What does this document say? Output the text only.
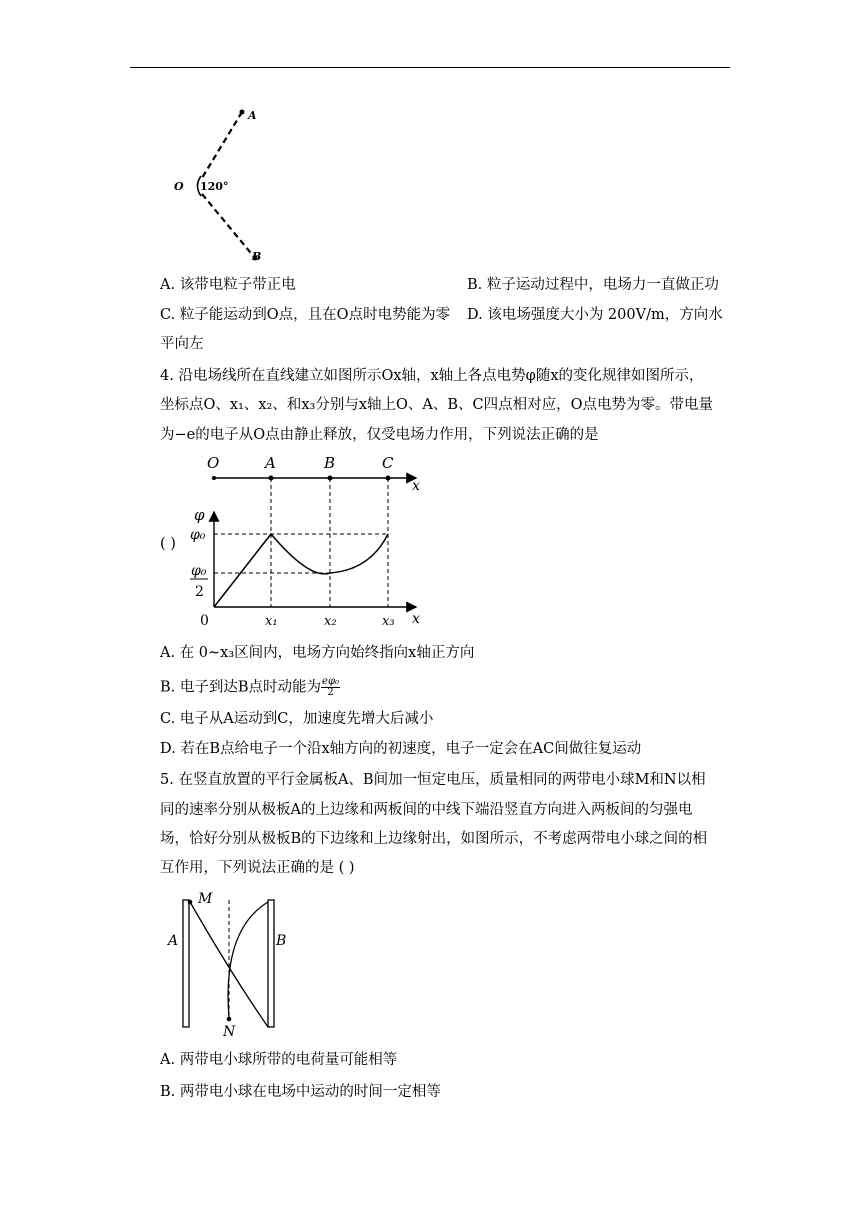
A
O 120°
B
A. 该带电粒子带正电	B. 粒子运动过程中，电场力一直做正功
C. 粒子能运动到O点，且在O点时电势能为零 D. 该电场强度大小为 200V/m，方向水
平向左
4. 沿电场线所在直线建立如图所示Ox轴，x轴上各点电势φ随x的变化规律如图所示，
坐标点O、x₁、x₂、和x₃分别与x轴上O、A、B、C四点相对应，O点电势为零。带电量
为−e的电子从O点由静止释放，仅受电场力作用，下列说法正确的是
( )
O	A	B	C
x
φ
x
φ₀
φ₀
2
0	x₁	x₂	x₃
A. 在 0~x₃区间内，电场方向始终指向x轴正方向
B. 电子到达B点时动能为 $\frac{\text{eφ₀}}{2}$
C. 电子从A运动到C，加速度先增大后减小
D. 若在B点给电子一个沿x轴方向的初速度，电子一定会在AC间做往复运动
5. 在竖直放置的平行金属板A、B间加一恒定电压，质量相同的两带电小球M和N以相
同的速率分别从极板A的上边缘和两板间的中线下端沿竖直方向进入两板间的匀强电
场，恰好分别从极板B的下边缘和上边缘射出，如图所示，不考虑两带电小球之间的相
互作用，下列说法正确的是 ( )
M
A	B
N
A. 两带电小球所带的电荷量可能相等
B. 两带电小球在电场中运动的时间一定相等
